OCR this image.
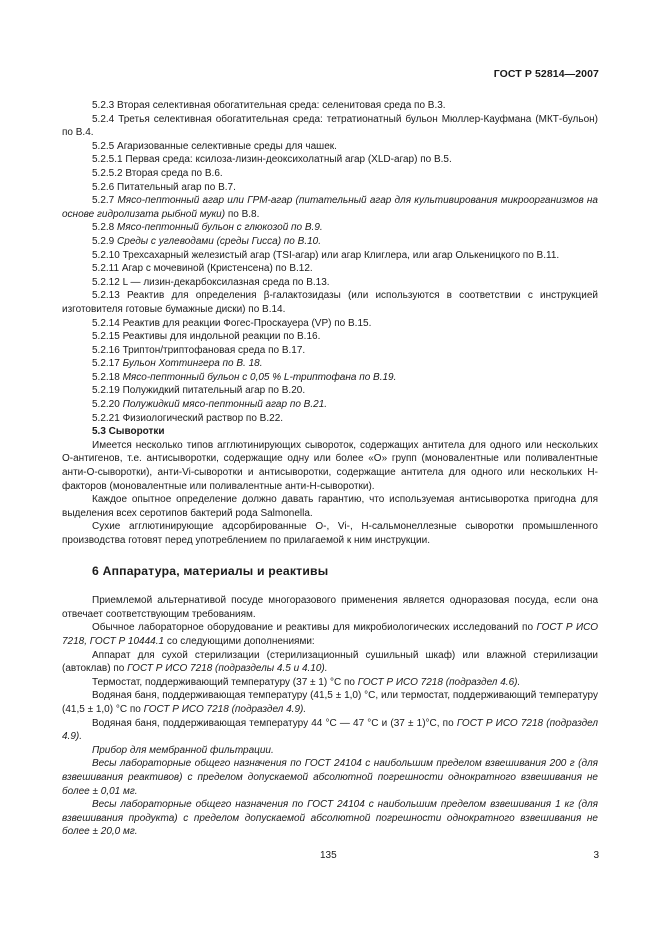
ГОСТ Р 52814—2007

5.2.3 Вторая селективная обогатительная среда: селенитовая среда по В.3.

5.2.4 Третья селективная обогатительная среда: тетратионатный бульон Мюллер-Кауфмана (МКТ-бульон) по В.4.

5.2.5 Агаризованные селективные среды для чашек.

5.2.5.1 Первая среда: ксилоза-лизин-деоксихолатный агар (XLD-агар) по В.5.

5.2.5.2 Вторая среда по В.6.

5.2.6 Питательный агар по В.7.

5.2.7 Мясо-пептонный агар или ГРМ-агар (питательный агар для культивирования микроорганизмов на основе гидролизата рыбной муки) по В.8.

5.2.8 Мясо-пептонный бульон с глюкозой по В.9.

5.2.9 Среды с углеводами (среды Гисса) по В.10.

5.2.10 Трехсахарный железистый агар (TSI-агар) или агар Клиглера, или агар Олькеницкого по В.11.

5.2.11 Агар с мочевиной (Кристенсена) по В.12.

5.2.12 L — лизин-декарбоксилазная среда по В.13.

5.2.13 Реактив для определения β-галактозидазы (или используются в соответствии с инструкцией изготовителя готовые бумажные диски) по В.14.

5.2.14 Реактив для реакции Фогес-Проскауера (VP) по В.15.

5.2.15 Реактивы для индольной реакции по В.16.

5.2.16 Триптон/триптофановая среда по В.17.

5.2.17 Бульон Хоттингера по В. 18.

5.2.18 Мясо-пептонный бульон с 0,05 % L-триптофана по В.19.

5.2.19 Полужидкий питательный агар по В.20.

5.2.20 Полужидкий мясо-пептонный агар по В.21.

5.2.21 Физиологический раствор по В.22.

5.3 Сыворотки

Имеется несколько типов агглютинирующих сывороток, содержащих антитела для одного или нескольких О-антигенов, т.е. антисыворотки, содержащие одну или более «О» групп (моновалентные или поливалентные анти-О-сыворотки), анти-Vi-сыворотки и антисыворотки, содержащие антитела для одного или нескольких Н-факторов (моновалентные или поливалентные анти-Н-сыворотки).

Каждое опытное определение должно давать гарантию, что используемая антисыворотка пригодна для выделения всех серотипов бактерий рода Salmonella.

Сухие агглютинирующие адсорбированные О-, Vi-, Н-сальмонеллезные сыворотки промышленного производства готовят перед употреблением по прилагаемой к ним инструкции.

6 Аппаратура, материалы и реактивы

Приемлемой альтернативой посуде многоразового применения является одноразовая посуда, если она отвечает соответствующим требованиям.

Обычное лабораторное оборудование и реактивы для микробиологических исследований по ГОСТ Р ИСО 7218, ГОСТ Р 10444.1 со следующими дополнениями:

Аппарат для сухой стерилизации (стерилизационный сушильный шкаф) или влажной стерилизации (автоклав) по ГОСТ Р ИСО 7218 (подразделы 4.5 и 4.10).

Термостат, поддерживающий температуру (37 ± 1) °С по ГОСТ Р ИСО 7218 (подраздел 4.6).

Водяная баня, поддерживающая температуру (41,5 ± 1,0) °С, или термостат, поддерживающий температуру (41,5 ± 1,0) °С по ГОСТ Р ИСО 7218 (подраздел 4.9).

Водяная баня, поддерживающая температуру 44 °С — 47 °С и (37 ± 1)°С, по ГОСТ Р ИСО 7218 (подраздел 4.9).

Прибор для мембранной фильтрации.

Весы лабораторные общего назначения по ГОСТ 24104 с наибольшим пределом взвешивания 200 г (для взвешивания реактивов) с пределом допускаемой абсолютной погрешности однократного взвешивания не более ± 0,01 мг.

Весы лабораторные общего назначения по ГОСТ 24104 с наибольшим пределом взвешивания 1 кг (для взвешивания продукта) с пределом допускаемой абсолютной погрешности однократного взвешивания не более ± 20,0 мг.

135	3
